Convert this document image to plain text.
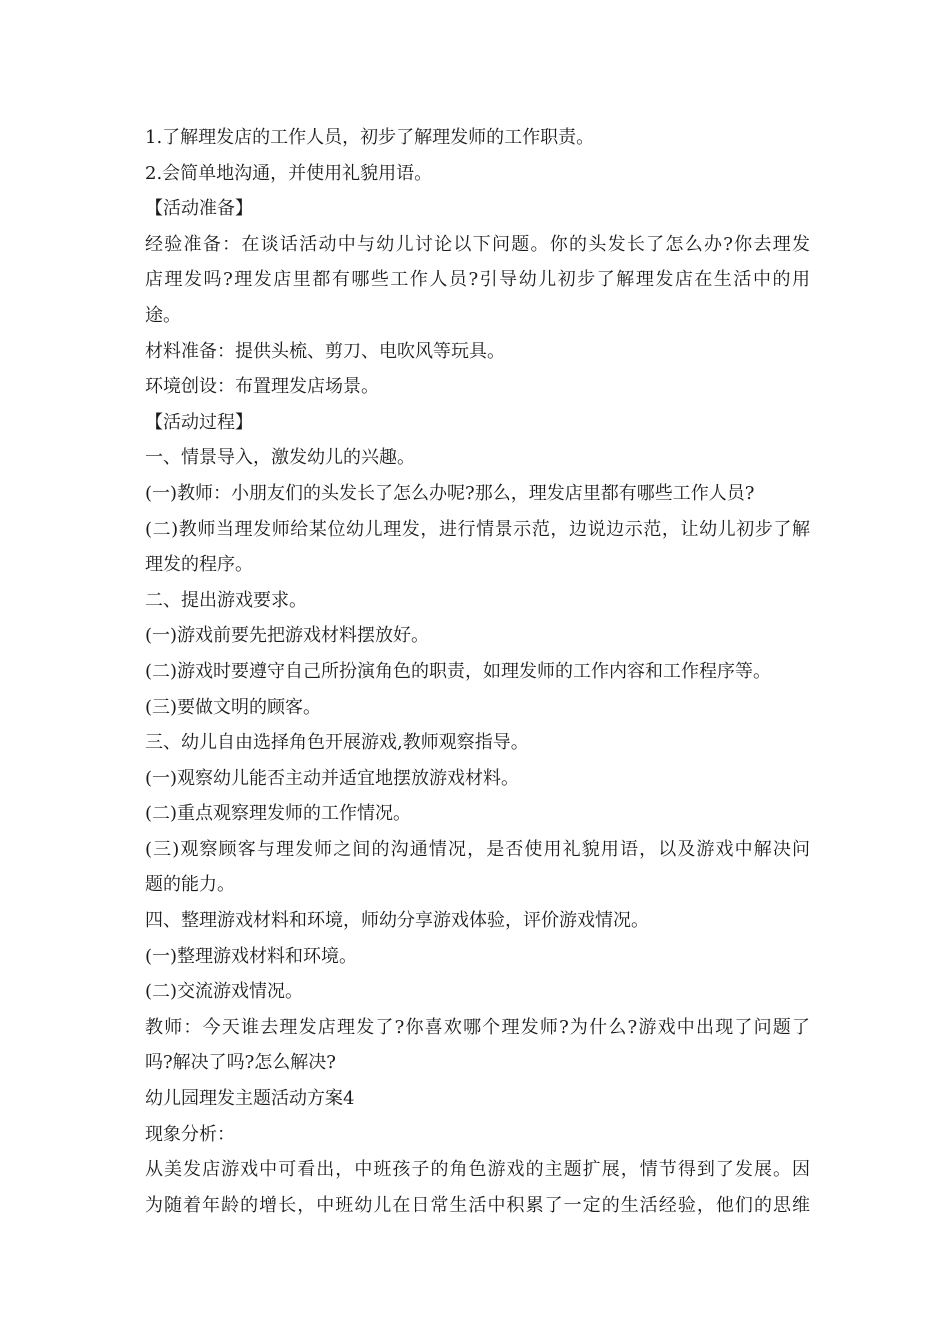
1.了解理发店的工作人员，初步了解理发师的工作职责。
2.会简单地沟通，并使用礼貌用语。
【活动准备】
经验准备：在谈话活动中与幼儿讨论以下问题。你的头发长了怎么办?你去理发
店理发吗?理发店里都有哪些工作人员?引导幼儿初步了解理发店在生活中的用
途。
材料准备：提供头梳、剪刀、电吹风等玩具。
环境创设：布置理发店场景。
【活动过程】
一、情景导入，激发幼儿的兴趣。
(一)教师：小朋友们的头发长了怎么办呢?那么，理发店里都有哪些工作人员?
(二)教师当理发师给某位幼儿理发，进行情景示范，边说边示范，让幼儿初步了解
理发的程序。
二、提出游戏要求。
(一)游戏前要先把游戏材料摆放好。
(二)游戏时要遵守自己所扮演角色的职责，如理发师的工作内容和工作程序等。
(三)要做文明的顾客。
三、幼儿自由选择角色开展游戏,教师观察指导。
(一)观察幼儿能否主动并适宜地摆放游戏材料。
(二)重点观察理发师的工作情况。
(三)观察顾客与理发师之间的沟通情况，是否使用礼貌用语，以及游戏中解决问
题的能力。
四、整理游戏材料和环境，师幼分享游戏体验，评价游戏情况。
(一)整理游戏材料和环境。
(二)交流游戏情况。
教师：今天谁去理发店理发了?你喜欢哪个理发师?为什么?游戏中出现了问题了
吗?解决了吗?怎么解决?
幼儿园理发主题活动方案4
现象分析：
从美发店游戏中可看出，中班孩子的角色游戏的主题扩展，情节得到了发展。因
为随着年龄的增长，中班幼儿在日常生活中积累了一定的生活经验，他们的思维
